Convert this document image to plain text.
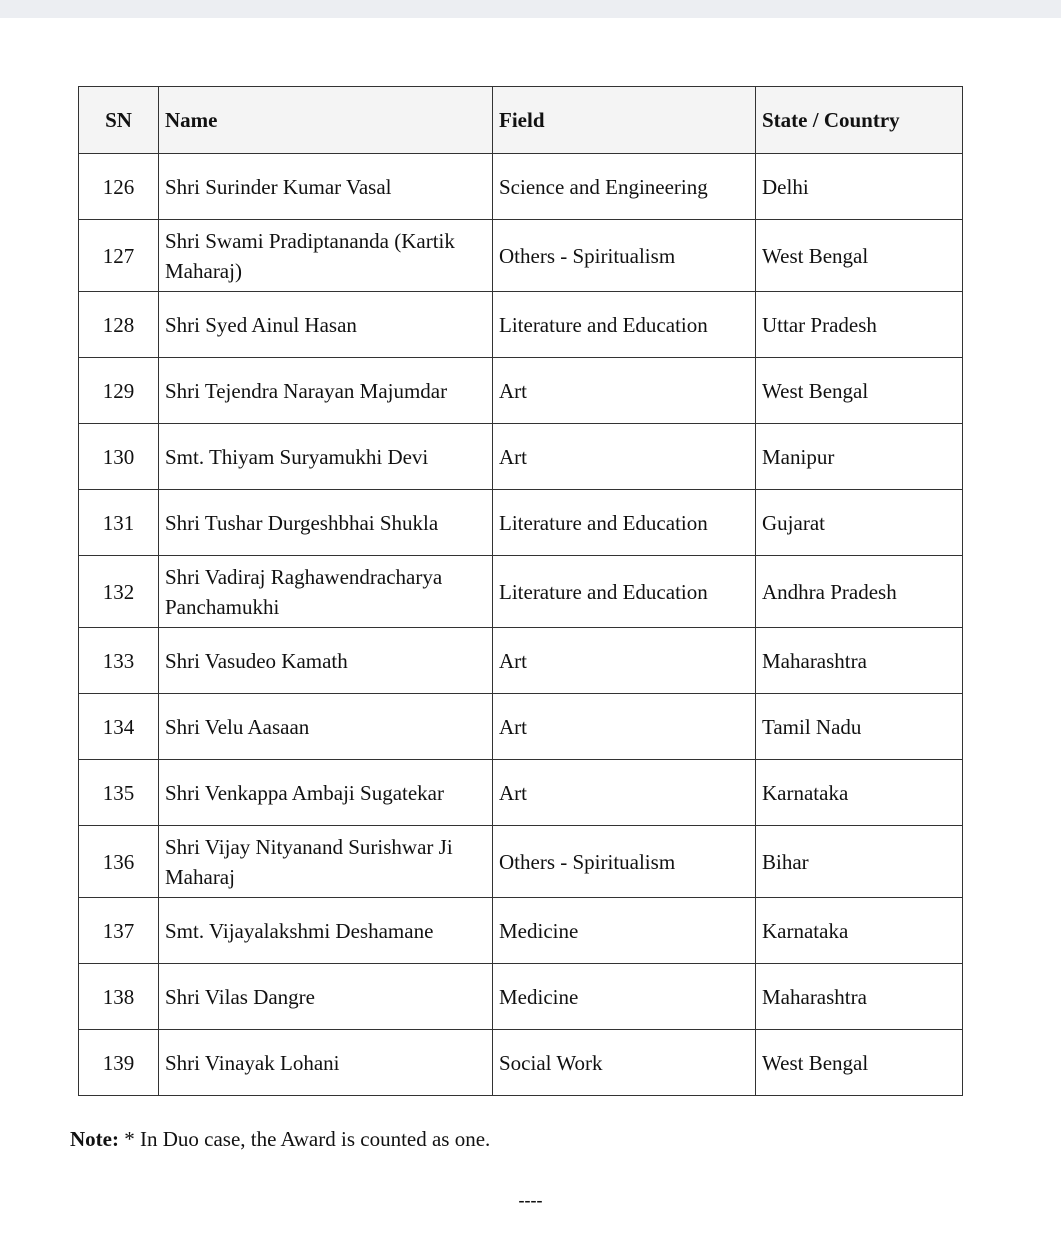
SN	Name	Field	State / Country
126	Shri Surinder Kumar Vasal	Science and Engineering	Delhi
127	Shri Swami Pradiptananda (Kartik Maharaj)	Others - Spiritualism	West Bengal
128	Shri Syed Ainul Hasan	Literature and Education	Uttar Pradesh
129	Shri Tejendra Narayan Majumdar	Art	West Bengal
130	Smt. Thiyam Suryamukhi Devi	Art	Manipur
131	Shri Tushar Durgeshbhai Shukla	Literature and Education	Gujarat
132	Shri Vadiraj Raghawendracharya Panchamukhi	Literature and Education	Andhra Pradesh
133	Shri Vasudeo Kamath	Art	Maharashtra
134	Shri Velu Aasaan	Art	Tamil Nadu
135	Shri Venkappa Ambaji Sugatekar	Art	Karnataka
136	Shri Vijay Nityanand Surishwar Ji Maharaj	Others - Spiritualism	Bihar
137	Smt. Vijayalakshmi Deshamane	Medicine	Karnataka
138	Shri Vilas Dangre	Medicine	Maharashtra
139	Shri Vinayak Lohani	Social Work	West Bengal
Note: * In Duo case, the Award is counted as one.
----
